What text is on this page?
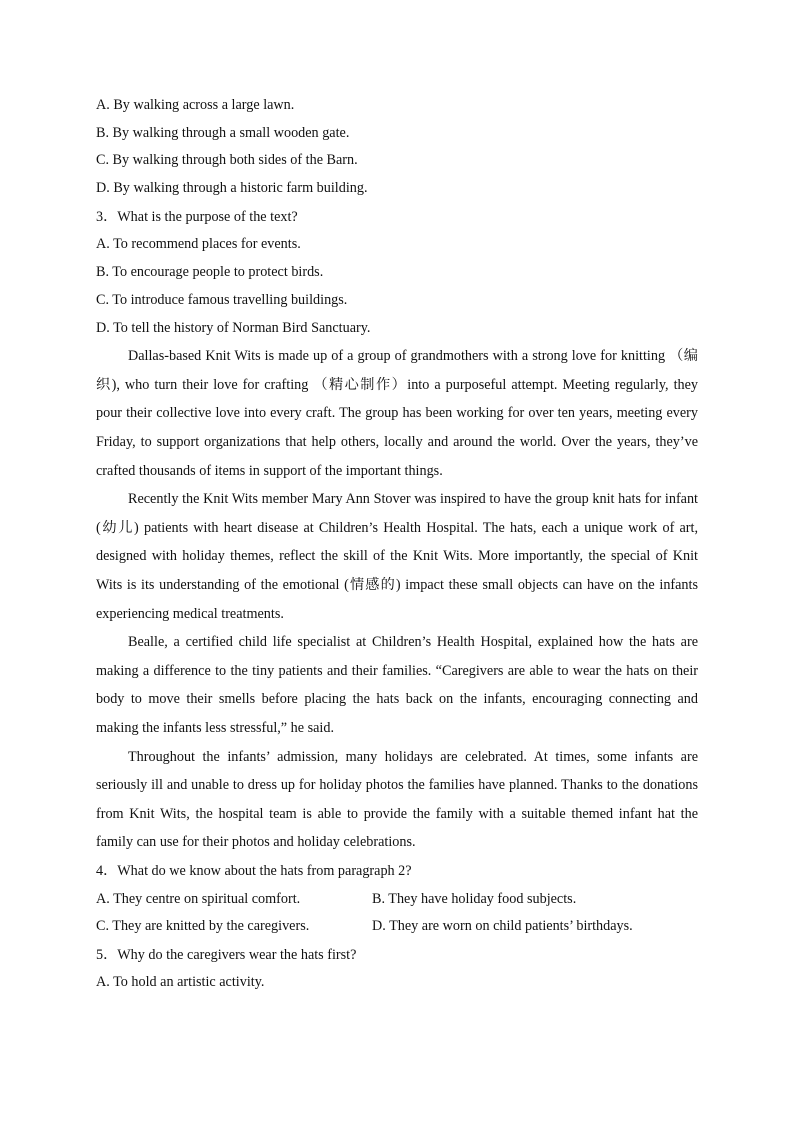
A. By walking across a large lawn.
B. By walking through a small wooden gate.
C. By walking through both sides of the Barn.
D. By walking through a historic farm building.
3．What is the purpose of the text?
A. To recommend places for events.
B. To encourage people to protect birds.
C. To introduce famous travelling buildings.
D. To tell the history of Norman Bird Sanctuary.

Dallas-based Knit Wits is made up of a group of grandmothers with a strong love for knitting （编织), who turn their love for crafting （精心制作）into a purposeful attempt. Meeting regularly, they pour their collective love into every craft. The group has been working for over ten years, meeting every Friday, to support organizations that help others, locally and around the world. Over the years, they’ve crafted thousands of items in support of the important things.

Recently the Knit Wits member Mary Ann Stover was inspired to have the group knit hats for infant (幼儿) patients with heart disease at Children’s Health Hospital. The hats, each a unique work of art, designed with holiday themes, reflect the skill of the Knit Wits. More importantly, the special of Knit Wits is its understanding of the emotional (情感的) impact these small objects can have on the infants experiencing medical treatments.

Bealle, a certified child life specialist at Children’s Health Hospital, explained how the hats are making a difference to the tiny patients and their families. “Caregivers are able to wear the hats on their body to move their smells before placing the hats back on the infants, encouraging connecting and making the infants less stressful,” he said.

Throughout the infants’ admission, many holidays are celebrated. At times, some infants are seriously ill and unable to dress up for holiday photos the families have planned. Thanks to the donations from Knit Wits, the hospital team is able to provide the family with a suitable themed infant hat the family can use for their photos and holiday celebrations.

4．What do we know about the hats from paragraph 2?
A. They centre on spiritual comfort.	B. They have holiday food subjects.
C. They are knitted by the caregivers.	D. They are worn on child patients’ birthdays.
5．Why do the caregivers wear the hats first?
A. To hold an artistic activity.
